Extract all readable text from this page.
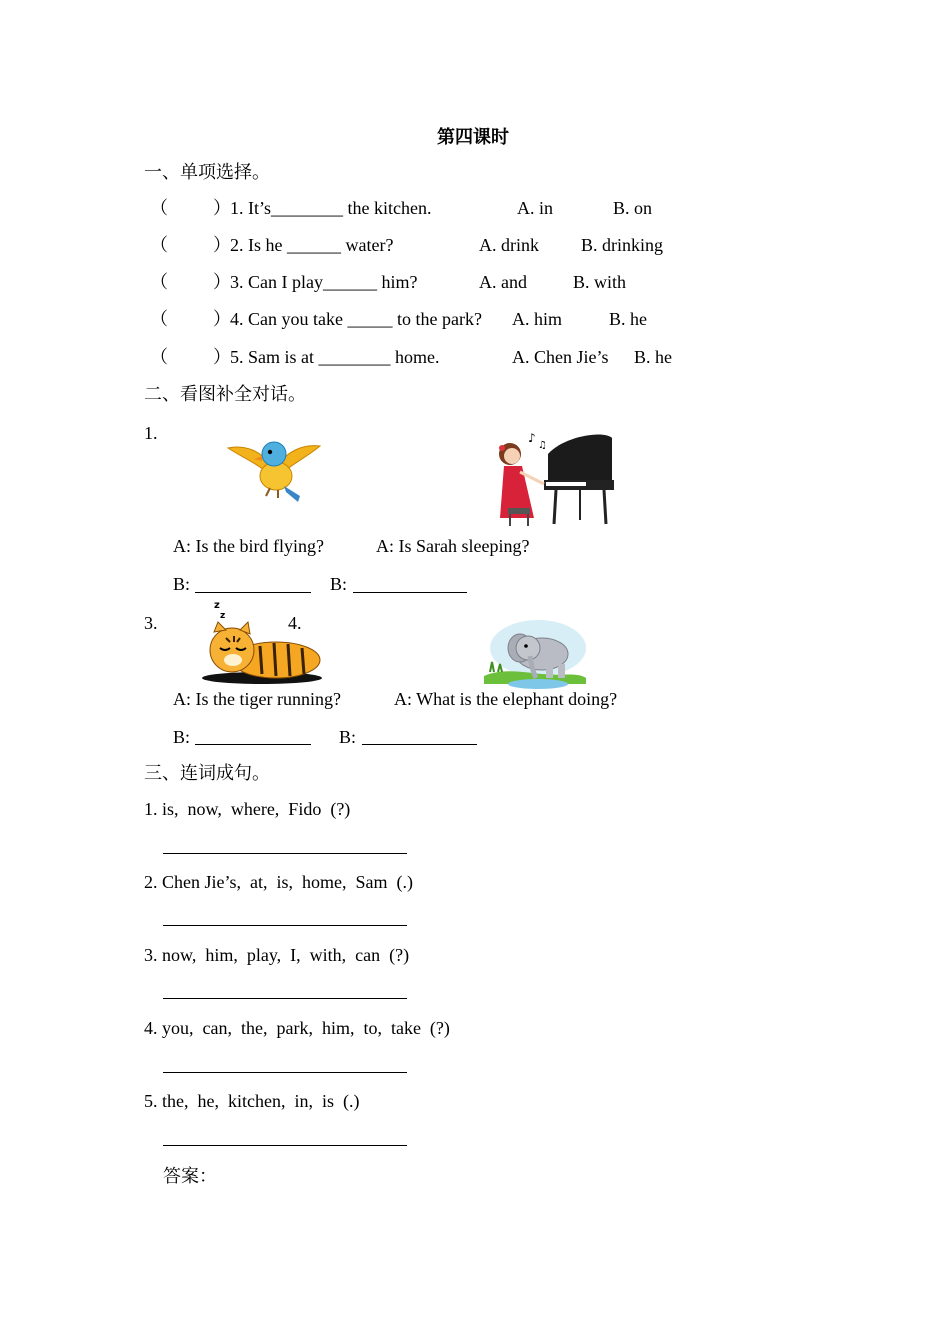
第四课时
一、单项选择。
（          ） 1. It’s________ the kitchen.	A. in	B. on
（          ） 2. Is he ______ water?	A. drink B. drinking
（          ） 3. Can I play______ him?	A. and	B. with
（          ） 4. Can you take _____ to the park? A. him	B. he
（          ） 5. Sam is at ________ home.	A. Chen Jie’s B. he
二、看图补全对话。
1.	♪
♫
A: Is the bird flying?	A: Is Sarah sleeping?
B:	B:
3.	4.
z
z
A: Is the tiger running?	A: What is the elephant doing?
B:	B:
三、连词成句。
1. is,  now,  where,  Fido  (?)
2. Chen Jie’s,  at,  is,  home,  Sam  (.)
3. now,  him,  play,  I,  with,  can  (?)
4. you,  can,  the,  park,  him,  to,  take  (?)
5. the,  he,  kitchen,  in,  is  (.)
答案：
